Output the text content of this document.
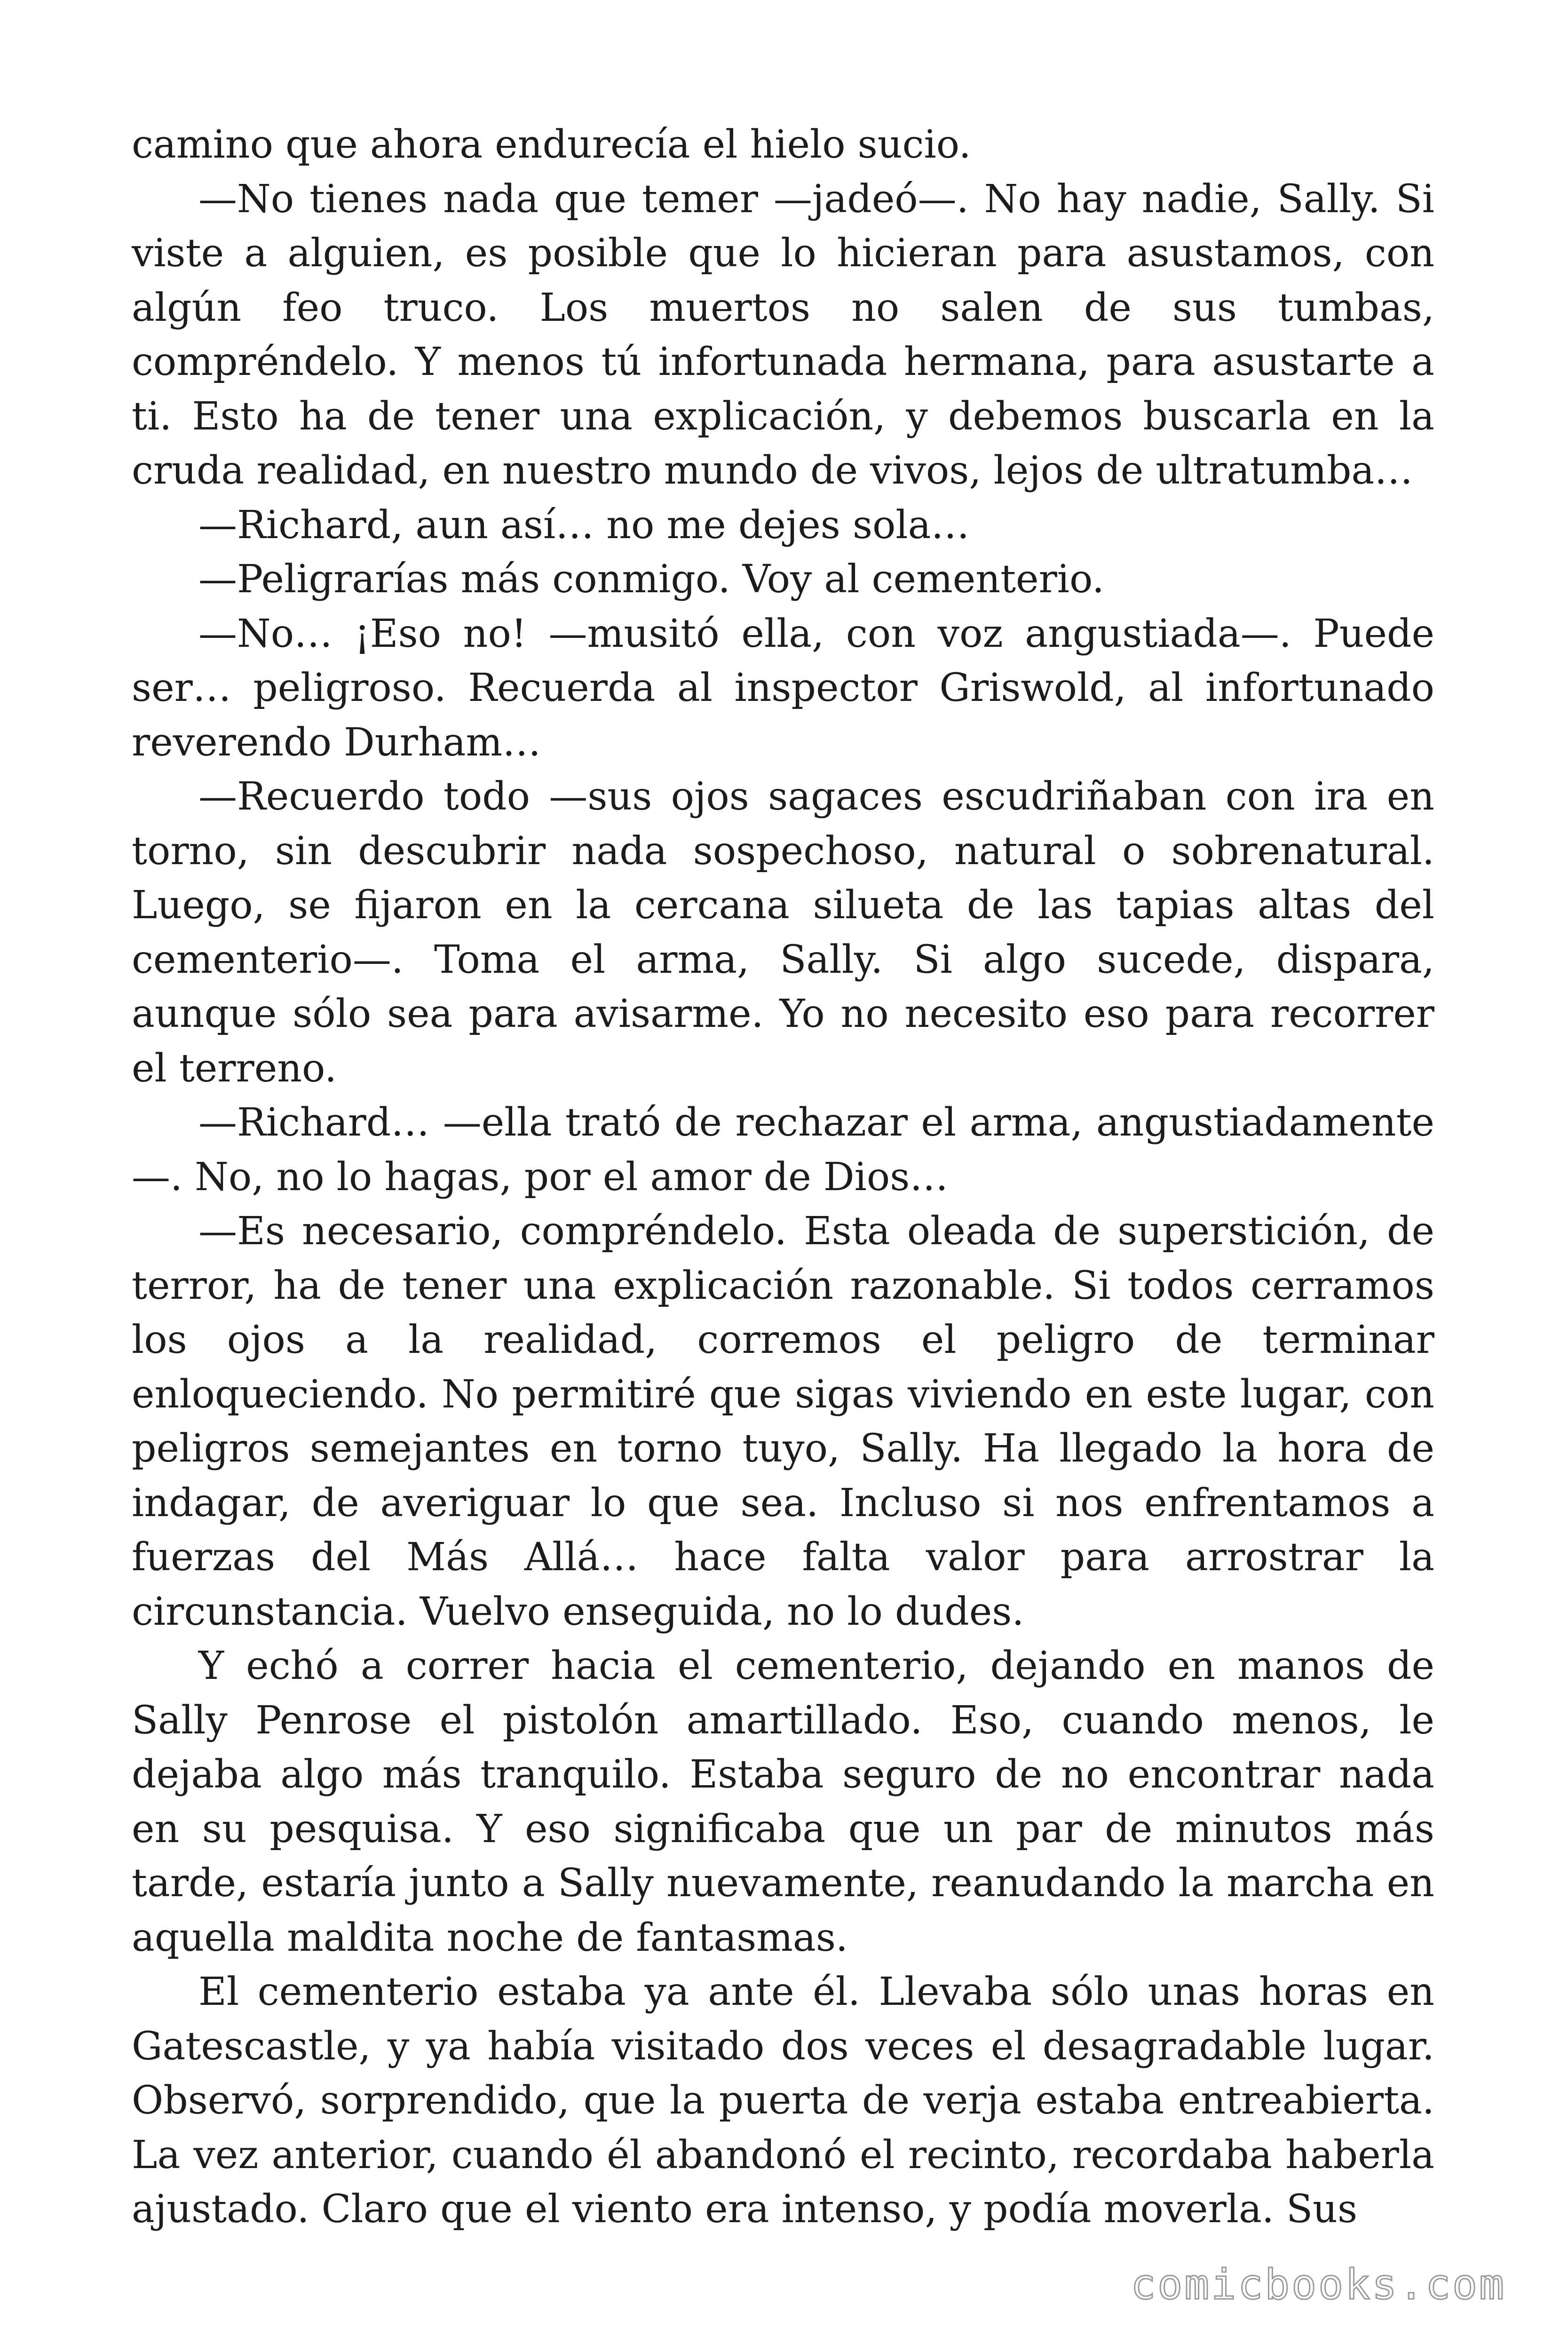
camino que ahora endurecía el hielo sucio.

—No tienes nada que temer —jadeó—. No hay nadie, Sally. Si viste a alguien, es posible que lo hicieran para asustamos, con algún feo truco. Los muertos no salen de sus tumbas, compréndelo. Y menos tú infortunada hermana, para asustarte a ti. Esto ha de tener una explicación, y debemos buscarla en la cruda realidad, en nuestro mundo de vivos, lejos de ultratumba…

—Richard, aun así… no me dejes sola…

—Peligrarías más conmigo. Voy al cementerio.

—No… ¡Eso no! —musitó ella, con voz angustiada—. Puede ser… peligroso. Recuerda al inspector Griswold, al infortunado reverendo Durham…

—Recuerdo todo —sus ojos sagaces escudriñaban con ira en torno, sin descubrir nada sospechoso, natural o sobrenatural. Luego, se fijaron en la cercana silueta de las tapias altas del cementerio—. Toma el arma, Sally. Si algo sucede, dispara, aunque sólo sea para avisarme. Yo no necesito eso para recorrer el terreno.

—Richard… —ella trató de rechazar el arma, angustiadamente —. No, no lo hagas, por el amor de Dios…

—Es necesario, compréndelo. Esta oleada de superstición, de terror, ha de tener una explicación razonable. Si todos cerramos los ojos a la realidad, corremos el peligro de terminar enloqueciendo. No permitiré que sigas viviendo en este lugar, con peligros semejantes en torno tuyo, Sally. Ha llegado la hora de indagar, de averiguar lo que sea. Incluso si nos enfrentamos a fuerzas del Más Allá… hace falta valor para arrostrar la circunstancia. Vuelvo enseguida, no lo dudes.

Y echó a correr hacia el cementerio, dejando en manos de Sally Penrose el pistolón amartillado. Eso, cuando menos, le dejaba algo más tranquilo. Estaba seguro de no encontrar nada en su pesquisa. Y eso significaba que un par de minutos más tarde, estaría junto a Sally nuevamente, reanudando la marcha en aquella maldita noche de fantasmas.

El cementerio estaba ya ante él. Llevaba sólo unas horas en Gatescastle, y ya había visitado dos veces el desagradable lugar. Observó, sorprendido, que la puerta de verja estaba entreabierta. La vez anterior, cuando él abandonó el recinto, recordaba haberla ajustado. Claro que el viento era intenso, y podía moverla. Sus

comicbooks.com
